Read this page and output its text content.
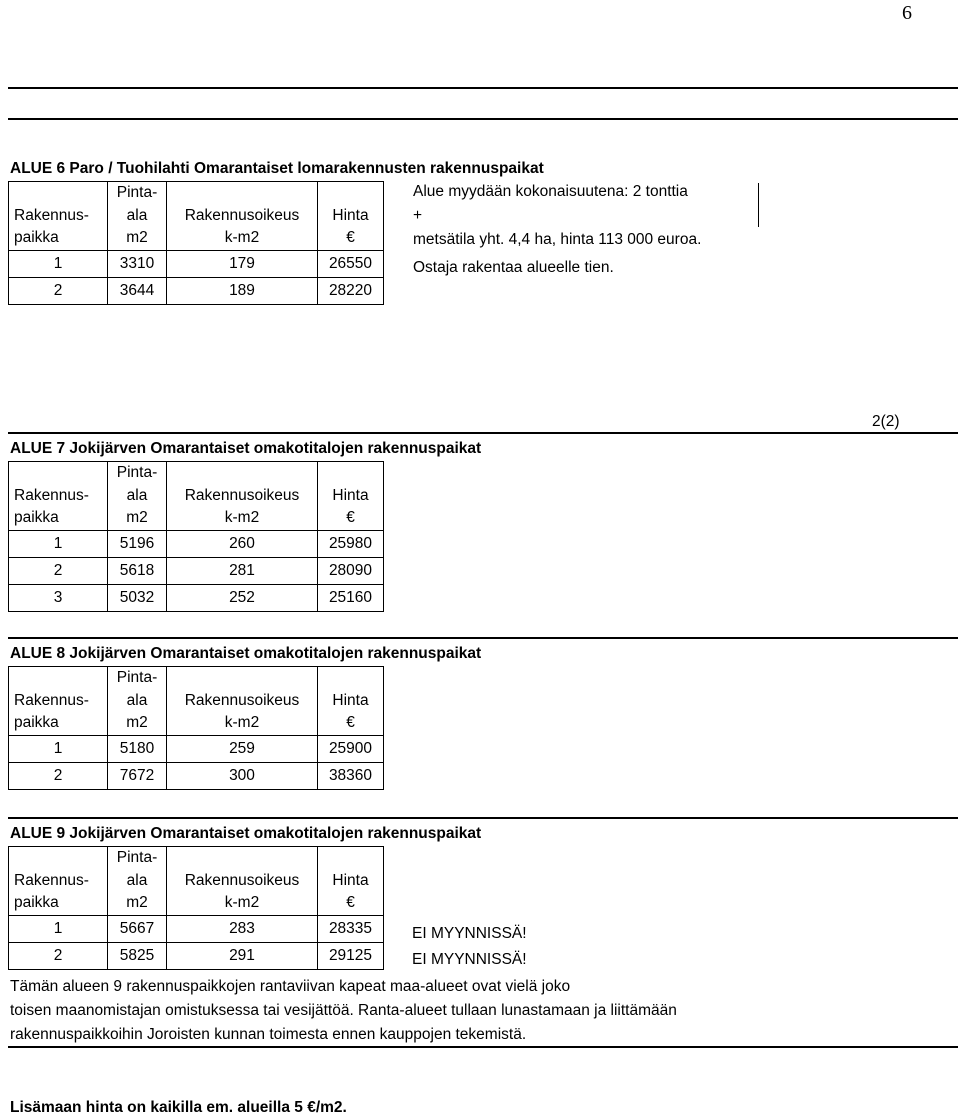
6
ALUE 6 Paro / Tuohilahti Omarantaiset lomarakennusten rakennuspaikat
	Pinta-		
Rakennus-	ala	Rakennusoikeus	Hinta
paikka	m2	k-m2	€
1	3310	179	26550
2	3644	189	28220
Alue myydään kokonaisuutena: 2 tonttia
+
metsätila yht. 4,4 ha, hinta 113 000 euroa.
Ostaja rakentaa alueelle tien.
2(2)
ALUE 7 Jokijärven Omarantaiset omakotitalojen rakennuspaikat
	Pinta-		
Rakennus-	ala	Rakennusoikeus	Hinta
paikka	m2	k-m2	€
1	5196	260	25980
2	5618	281	28090
3	5032	252	25160
ALUE 8 Jokijärven Omarantaiset omakotitalojen rakennuspaikat
	Pinta-		
Rakennus-	ala	Rakennusoikeus	Hinta
paikka	m2	k-m2	€
1	5180	259	25900
2	7672	300	38360
ALUE 9 Jokijärven Omarantaiset omakotitalojen rakennuspaikat
	Pinta-		
Rakennus-	ala	Rakennusoikeus	Hinta
paikka	m2	k-m2	€
1	5667	283	28335
2	5825	291	29125
EI MYYNNISSÄ!
EI MYYNNISSÄ!
Tämän alueen 9 rakennuspaikkojen rantaviivan kapeat maa-alueet ovat vielä joko
toisen maanomistajan omistuksessa tai vesijättöä. Ranta-alueet tullaan lunastamaan ja liittämään
rakennuspaikkoihin Joroisten kunnan toimesta ennen kauppojen tekemistä.
Lisämaan hinta on kaikilla em. alueilla 5 €/m2.
